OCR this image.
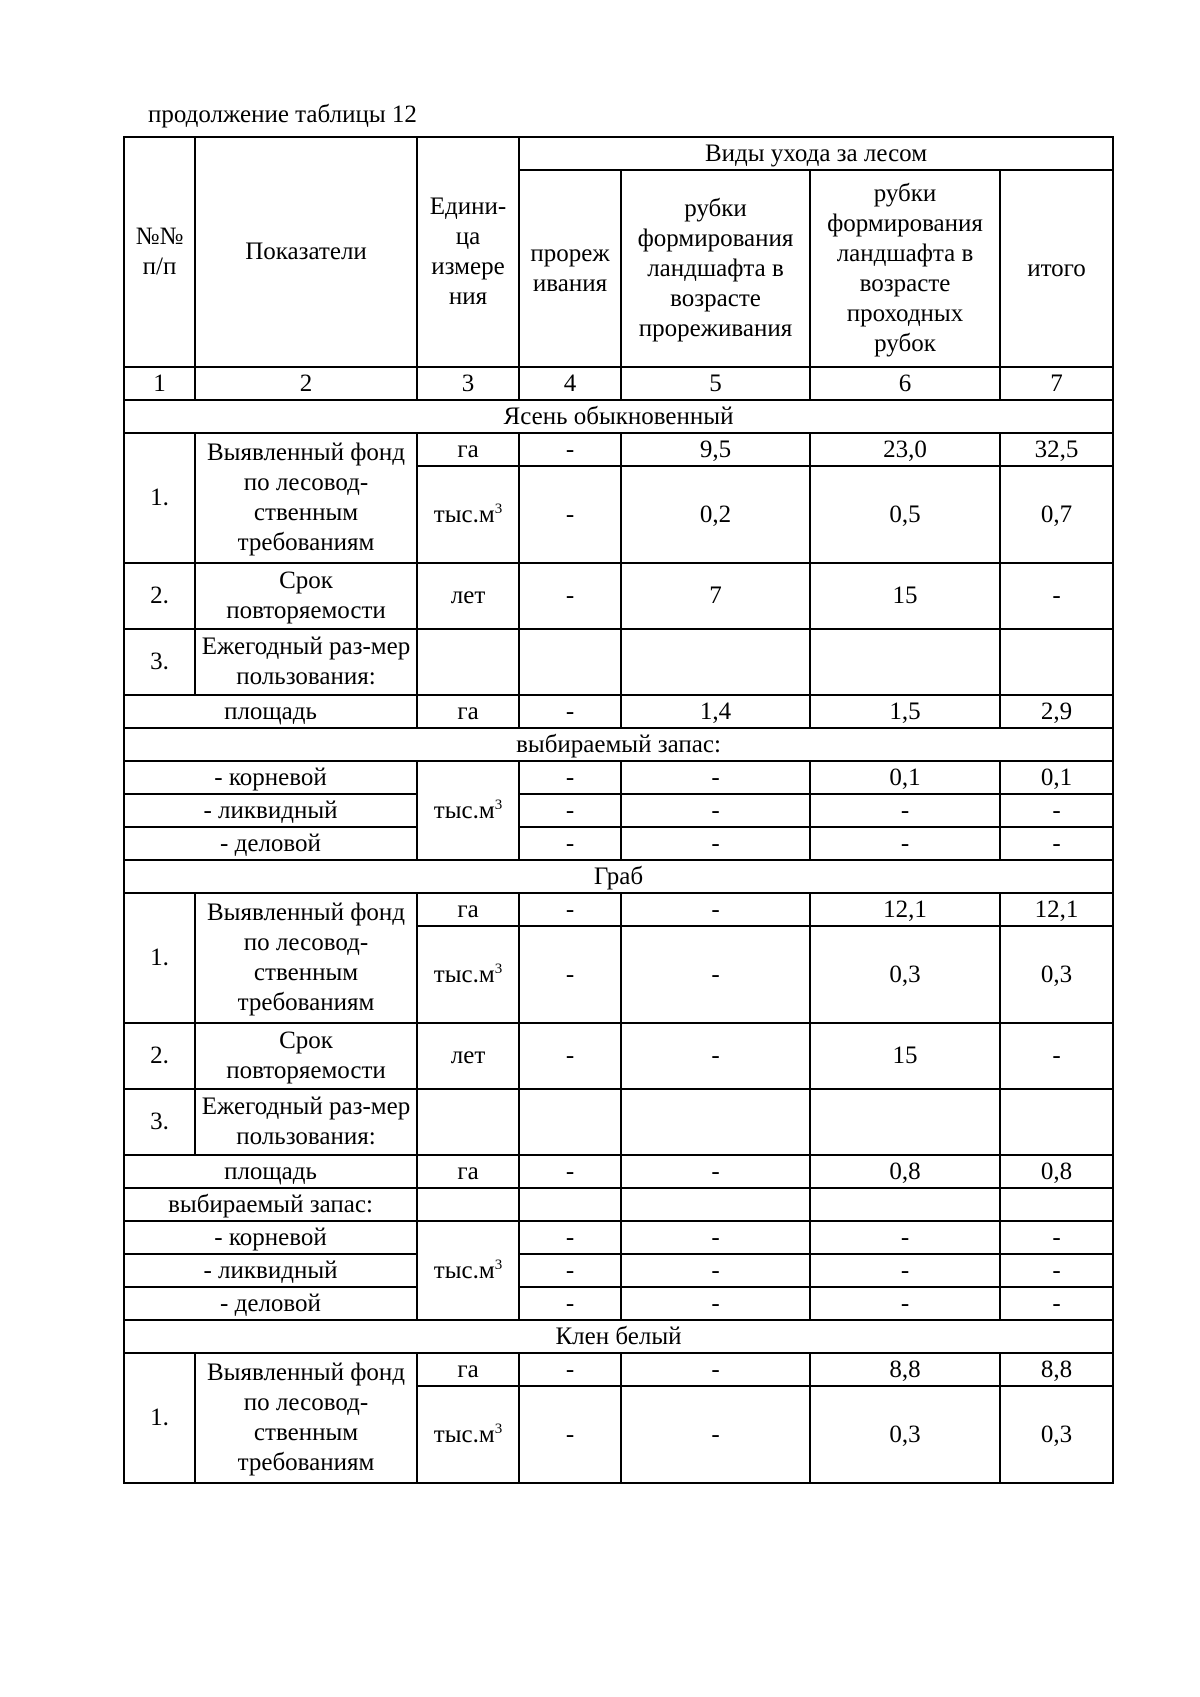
продолжение таблицы 12
№№ п/п	Показатели	Едини-ца измере ния	Виды ухода за лесом			
			прореж ивания	рубки формирования ландшафта в возрасте прореживания	рубки формирования ландшафта в возрасте проходных рубок	итого
1	2	3	4	5	6	7
Ясень обыкновенный						
1.	Выявленный фонд по лесовод-ственным требованиям	га	-	9,5	23,0	32,5
		$тыс.м^3$	-	0,2	0,5	0,7
2.	Срок повторяемости	лет	-	7	15	-
3.	Ежегодный раз-мер пользования:					
площадь		га	-	1,4	1,5	2,9
выбираемый запас:						
- корневой		$тыс.м^3$	-	-	0,1	0,1
- ликвидный			-	-	-	-
- деловой			-	-	-	-
Граб						
1.	Выявленный фонд по лесовод-ственным требованиям	га	-	-	12,1	12,1
		$тыс.м^3$	-	-	0,3	0,3
2.	Срок повторяемости	лет	-	-	15	-
3.	Ежегодный раз-мер пользования:					
площадь		га	-	-	0,8	0,8
выбираемый запас:						
- корневой		$тыс.м^3$	-	-	-	-
- ликвидный			-	-	-	-
- деловой			-	-	-	-
Клен белый						
1.	Выявленный фонд по лесовод-ственным требованиям	га	-	-	8,8	8,8
		$тыс.м^3$	-	-	0,3	0,3
